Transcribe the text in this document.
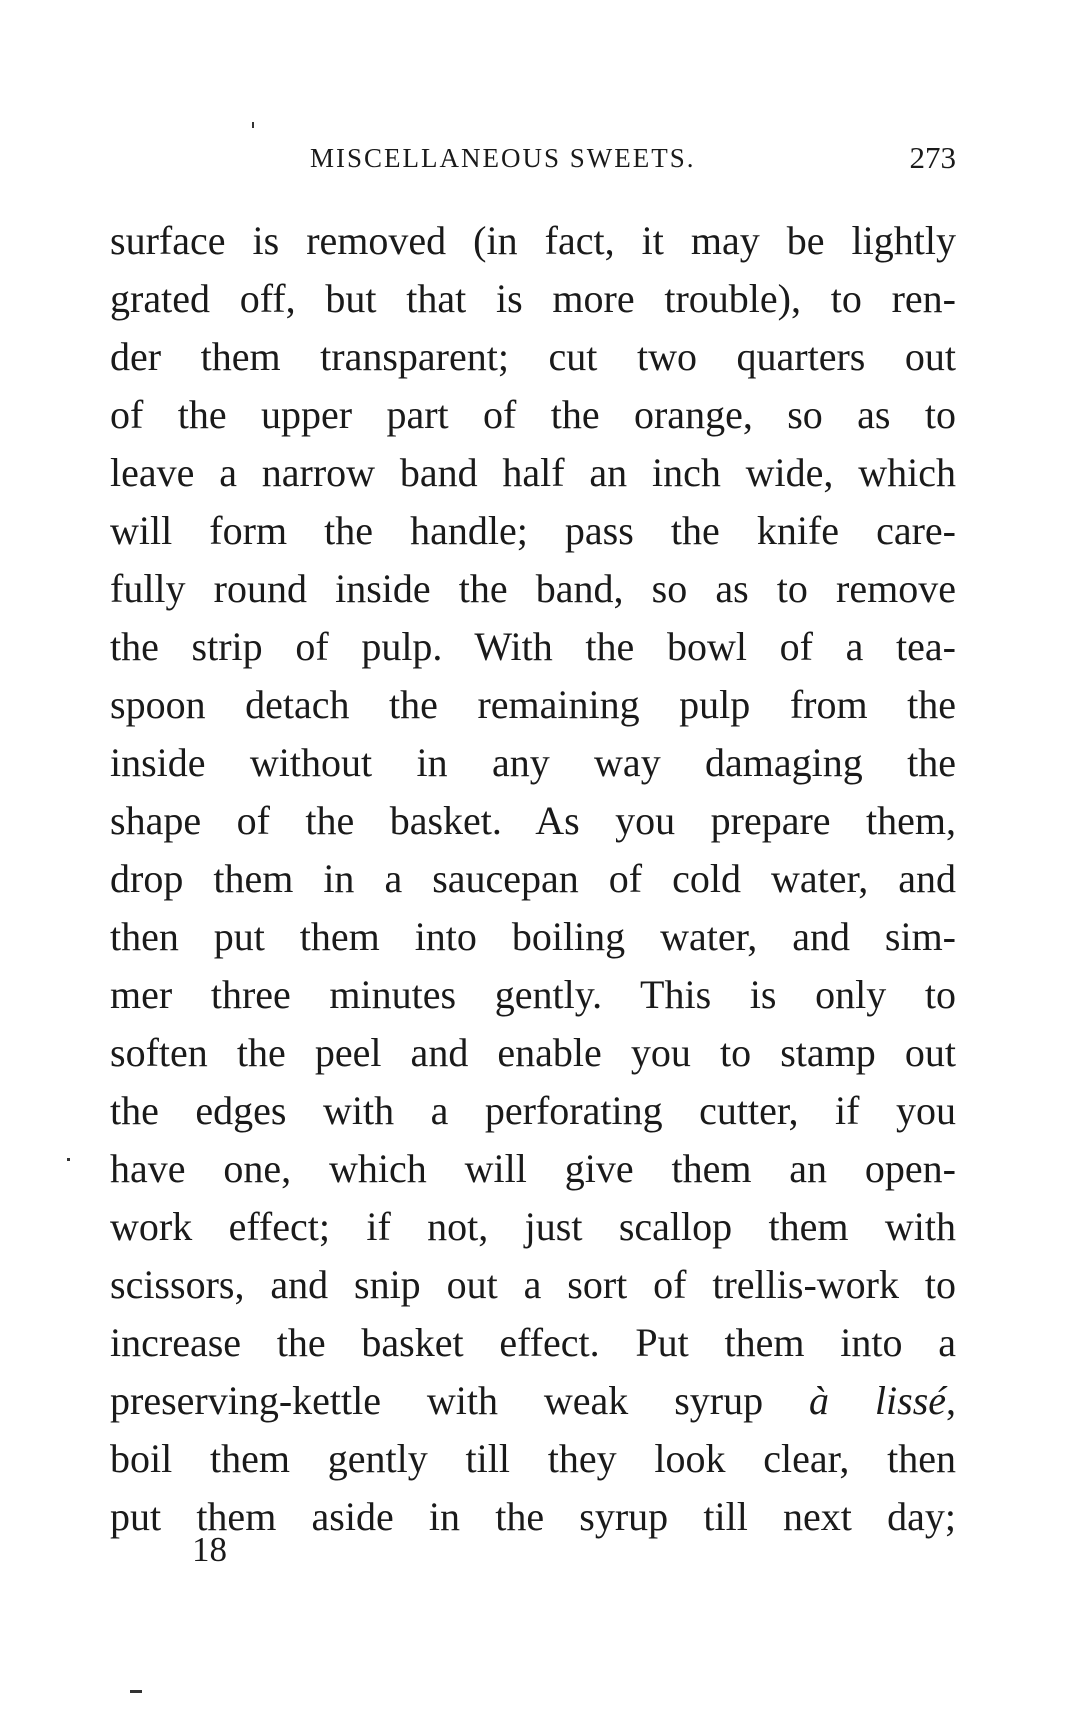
MISCELLANEOUS SWEETS.	273
surface is removed (in fact, it may be lightly
grated off, but that is more trouble), to ren-
der them transparent; cut two quarters out
of the upper part of the orange, so as to
leave a narrow band half an inch wide, which
will form the handle; pass the knife care-
fully round inside the band, so as to remove
the strip of pulp. With the bowl of a tea-
spoon detach the remaining pulp from the
inside without in any way damaging the
shape of the basket. As you prepare them,
drop them in a saucepan of cold water, and
then put them into boiling water, and sim-
mer three minutes gently. This is only to
soften the peel and enable you to stamp out
the edges with a perforating cutter, if you
have one, which will give them an open-
work effect; if not, just scallop them with
scissors, and snip out a sort of trellis-work to
increase the basket effect. Put them into a
preserving-kettle with weak syrup à lissé,
boil them gently till they look clear, then
put them aside in the syrup till next day;
18
